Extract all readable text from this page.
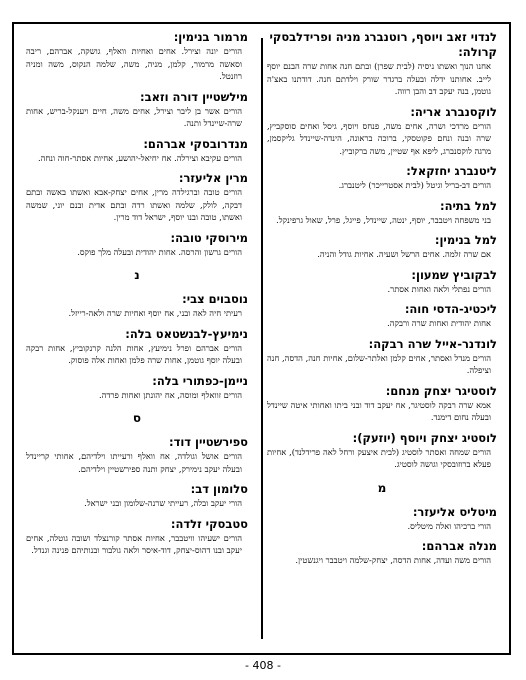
לנדוי זאב ויוסף, רוטנברג מניה ופרידלבסקי
קרולה:
אחנו הנוך ואשתו ניסיה (לבית שפרן) ובתם חנה אחות שרה הבנם יוסף לייב. אחותנו ידלה ובעלה ברגדר שורק וילדתם חנה. דודתנו באצ'ה גוטמן, בנה יעקב דב והבן רווה.
לוקסנברג אריה:
הורים מרדכי ושרה, אחים משה, פנחס ויוסף, גיסל ואחים סוסקביץ, שרה ובנה ונחם פקוטסקי, ברוכה בראונה, הינדה-שיינדל גליקסמן, מרגה לוקסנברג, ליפא אף שטיין, משה ברקוביץ.
ליטנברג יחזקאל:
הורים דב-בריל וגיטל (לבית אסטרייכר) ליטנברג.
למל בתיה:
בני משפחה ויטבבר, יוסף, ינטה, שיינדל, פייגל, פרל, שאול גרפינקל.
למל בנימין:
אם שרה זלמה. אחים הרשל ושעיה. אחיות גודל והניה.
לבקוביץ שמעון:
הורים נפתלי ולאה ואחות אסתר.
ליכטיג-הדסי חוה:
אחות יהודית ואחות שרה ורבקה.
לונדנר-אייל שרה רבקה:
הורים מנדל ואסתר, אחים קלמן ואלתר-שלום, אחיות חנה, הדסה, חנה וציפלה.
לוסטיגר יצחק מנחם:
אמא שרה רבקה לוסטיגר, אח יעקב דוד ובני ביתו ואחותי איטה שיינדל ובעלה נחום דימנד.
לוסטיג יצחק ויוסף (יוזעק):
הורים שמחה ואסתר לוסטיג (לבית איצעק ורחל לאה פרידלנד), אחיות פעלא ברוזובסקי וגושה לוסטיג.
מ
מיטליס אליעזר:
הורי ברכיהו ואלה מיטליס.
מנלה אברהם:
הורים משה ועדה, אחות הדסה, יצחק-שלמה ויטבבר ויגנשטין.
מרמור בנימין:
הורים יונה וצירל. אחים ואחיות וואלף, גושקה, אברהם, ריבה וסאשה מרמור, קלמן, מניה, משה, שלמה הנקוס, משה ומניה רוזנטל.
מילשטיין דורה וזאב:
הורים אשר בן ליבר וצירל, אחים משה, חיים ויענקל-בריש, אחות שרה-שיינדל ותנה.
מנדרובסקי אברהם:
הורים עקיבא וצירלה. אח יחיאל-יהושע, אחיות אסתר-חוה ונחה.
מרין אליעזר:
הורים טובה וברגילדה מרין, אחים יצחק-אבא ואשתו באשה ובתם דבקה, לולק, שלמה ואשתו רדה ובתם אדית ובנם יוני, שמשה ואשתו, טובה ובנו יוסף, ישראל דוד מרין.
מירוסקי טובה:
הורים גרשון והרסה. אחות יהודית ובעלה מלך פוקס.
נ
נוסבוים צבי:
רעיתי חיה לאה ובני, אח יוסף ואחיות שרה ולאה-רייזל.
נימיעץ-לבנשטאט בלה:
הורים אברהם ופרל נימיעץ, אחות הלנה קרנקוביץ, אחות רבקה ובעלה יוסף גוטמן, אחות שרה פלמן ואחות אלה פוסוק.
ניימן-כפתורי בלה:
הורים זוואלף ומוסה, אח יהונתן ואחות פרדה.
ס
ספירשטיין דוד:
הורים אושל וגולדה, אח וואלף ורעייתו וילדיהם, אחותי קריינדל ובעלה יעקב נימירק, יצחק ותנה ספירשטיין וילדיהם.
סלומון דב:
הורי יעקב ובלה, רעייתי שרנה-שלומון ובני ישראל.
סטבסקי זלדה:
הורים ישעיהו וויטבבר, אחיות אסתר קורנצלד ושובה גוטלה, אחים יעקב ובנו דהוס-יצחק, דוד-איסר ולאה גולבור ובנותיהם פנינה וגנדל.
- 408 -
